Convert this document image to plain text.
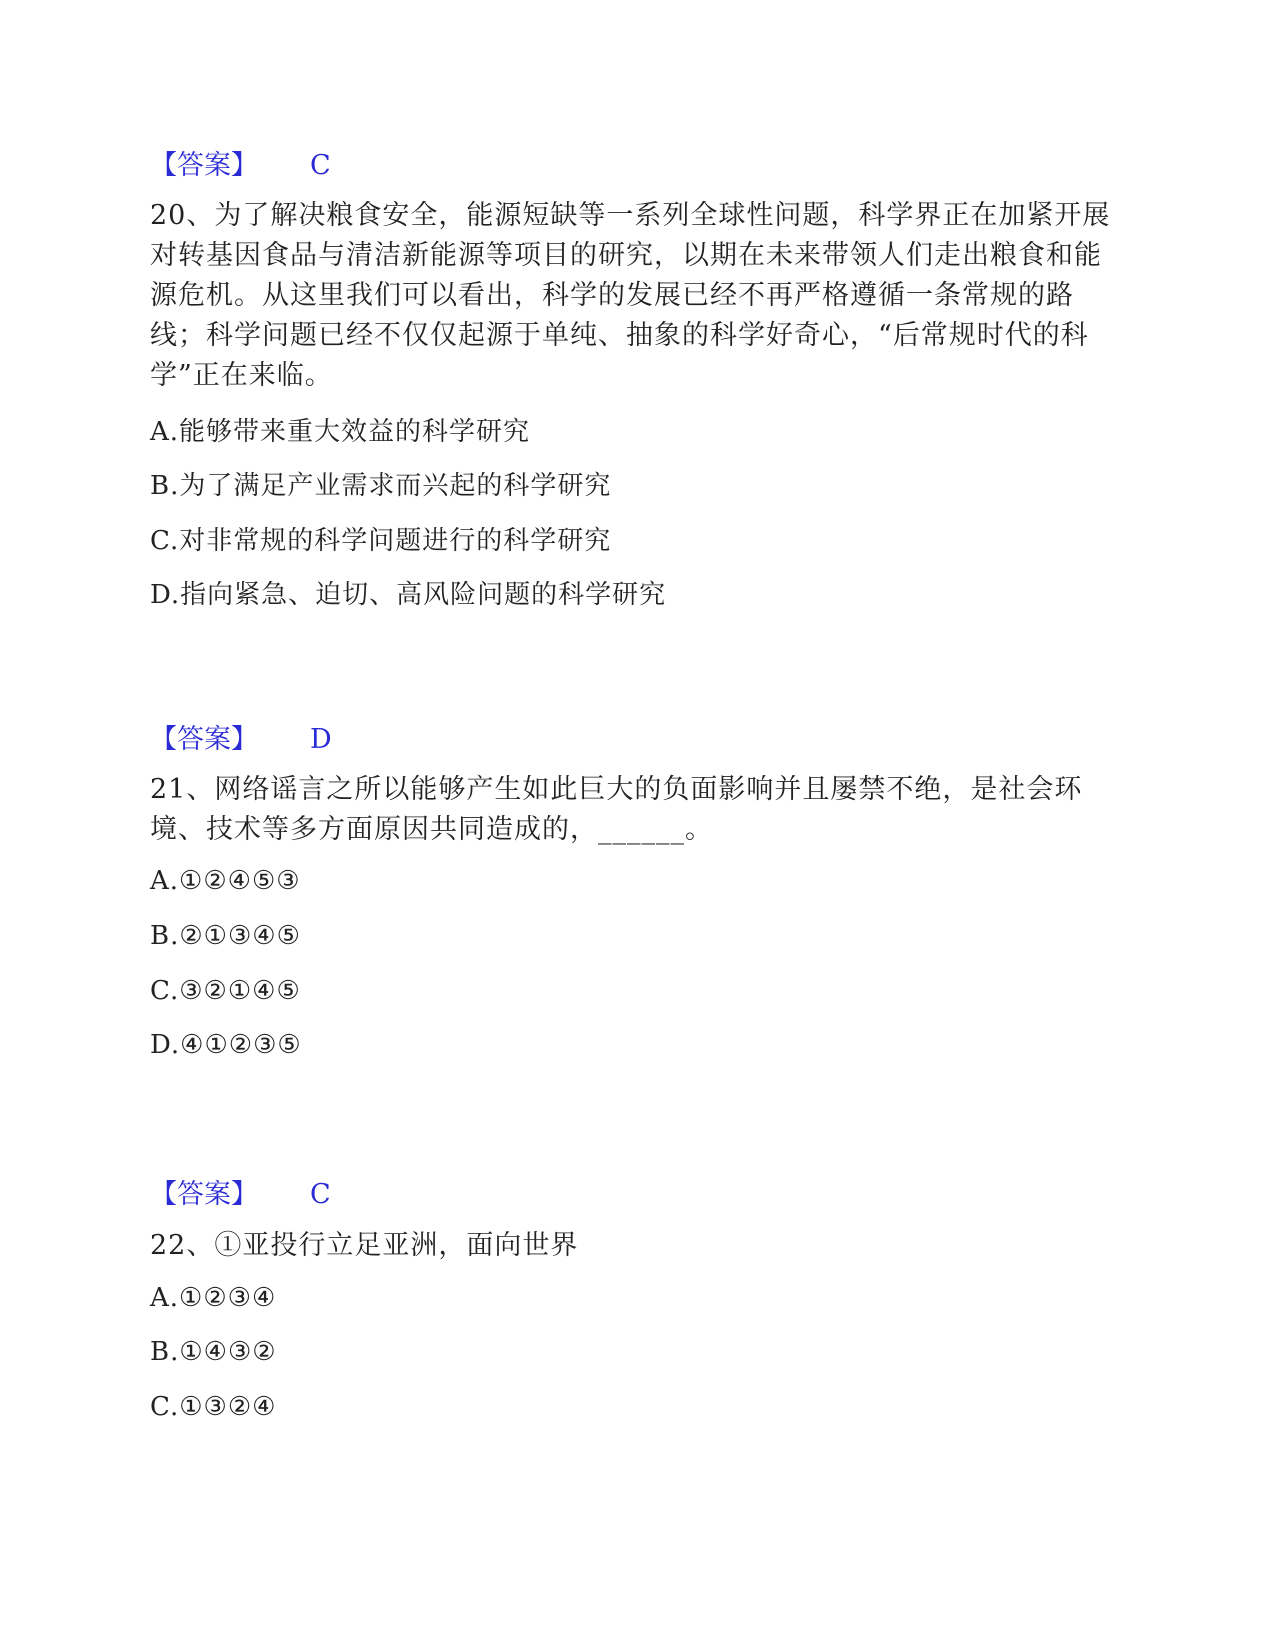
【答案】 C

20、为了解决粮食安全，能源短缺等一系列全球性问题，科学界正在加紧开展对转基因食品与清洁新能源等项目的研究，以期在未来带领人们走出粮食和能源危机。从这里我们可以看出，科学的发展已经不再严格遵循一条常规的路线；科学问题已经不仅仅起源于单纯、抽象的科学好奇心，“后常规时代的科学”正在来临。

A.能够带来重大效益的科学研究
B.为了满足产业需求而兴起的科学研究
C.对非常规的科学问题进行的科学研究
D.指向紧急、迫切、高风险问题的科学研究
【答案】 D

21、网络谣言之所以能够产生如此巨大的负面影响并且屡禁不绝，是社会环境、技术等多方面原因共同造成的，______。

A.①②④⑤③
B.②①③④⑤
C.③②①④⑤
D.④①②③⑤
【答案】 C

22、①亚投行立足亚洲，面向世界

A.①②③④
B.①④③②
C.①③②④
